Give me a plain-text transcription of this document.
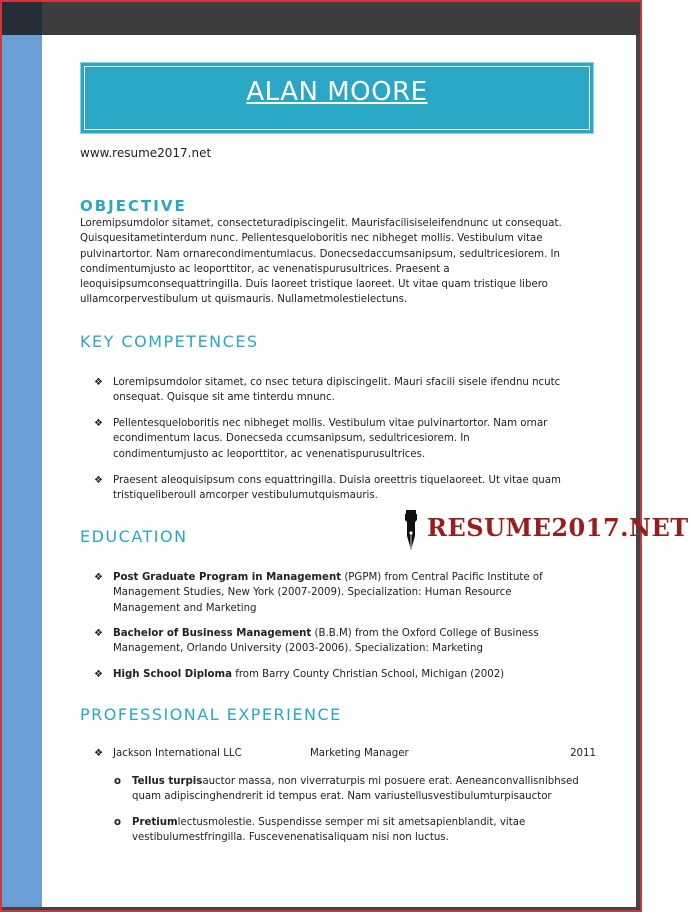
ALAN MOORE
www.resume2017.net
OBJECTIVE
Loremipsumdolor sitamet, consecteturadipiscingelit. Maurisfacilisiseleifendnunc ut consequat.
Quisquesitametinterdum nunc. Pellentesqueloboritis nec nibheget mollis. Vestibulum vitae
pulvinartortor. Nam ornarecondimentumlacus. Donecsedaccumsanipsum, sedultricesiorem. In
condimentumjusto ac leoporttitor, ac venenatispurusultrices. Praesent a
leoquisipsumconsequattringilla. Duis laoreet tristique laoreet. Ut vitae quam tristique libero
ullamcorpervestibulum ut quismauris. Nullametmolestielectuns.
KEY COMPETENCES
❖ Loremipsumdolor sitamet, co nsec tetura dipiscingelit. Mauri sfacili sisele ifendnu ncutc
onsequat. Quisque sit ame tinterdu mnunc.
❖ Pellentesqueloboritis nec nibheget mollis. Vestibulum vitae pulvinartortor. Nam ornar
econdimentum lacus. Donecseda ccumsanipsum, sedultricesiorem. In
condimentumjusto ac leoporttitor, ac venenatispurusultrices.
❖ Praesent aleoquisipsum cons equattringilla. Duisla oreettris tiquelaoreet. Ut vitae quam
tristiqueliberoull amcorper vestibulumutquismauris.
RESUME2017.NET
EDUCATION
❖ Post Graduate Program in Management (PGPM) from Central Pacific Institute of
Management Studies, New York (2007-2009). Specialization: Human Resource
Management and Marketing
❖ Bachelor of Business Management (B.B.M) from the Oxford College of Business
Management, Orlando University (2003-2006). Specialization: Marketing
❖ High School Diploma from Barry County Christian School, Michigan (2002)
PROFESSIONAL EXPERIENCE
❖ Jackson International LLC	Marketing Manager	2011
o Tellus turpisauctor massa, non viverraturpis mi posuere erat. Aeneanconvallisnibhsed
quam adipiscinghendrerit id tempus erat. Nam variustellusvestibulumturpisauctor
o Pretiumlectusmolestie. Suspendisse semper mi sit ametsapienblandit, vitae
vestibulumestfringilla. Fuscevenenatisaliquam nisi non luctus.
